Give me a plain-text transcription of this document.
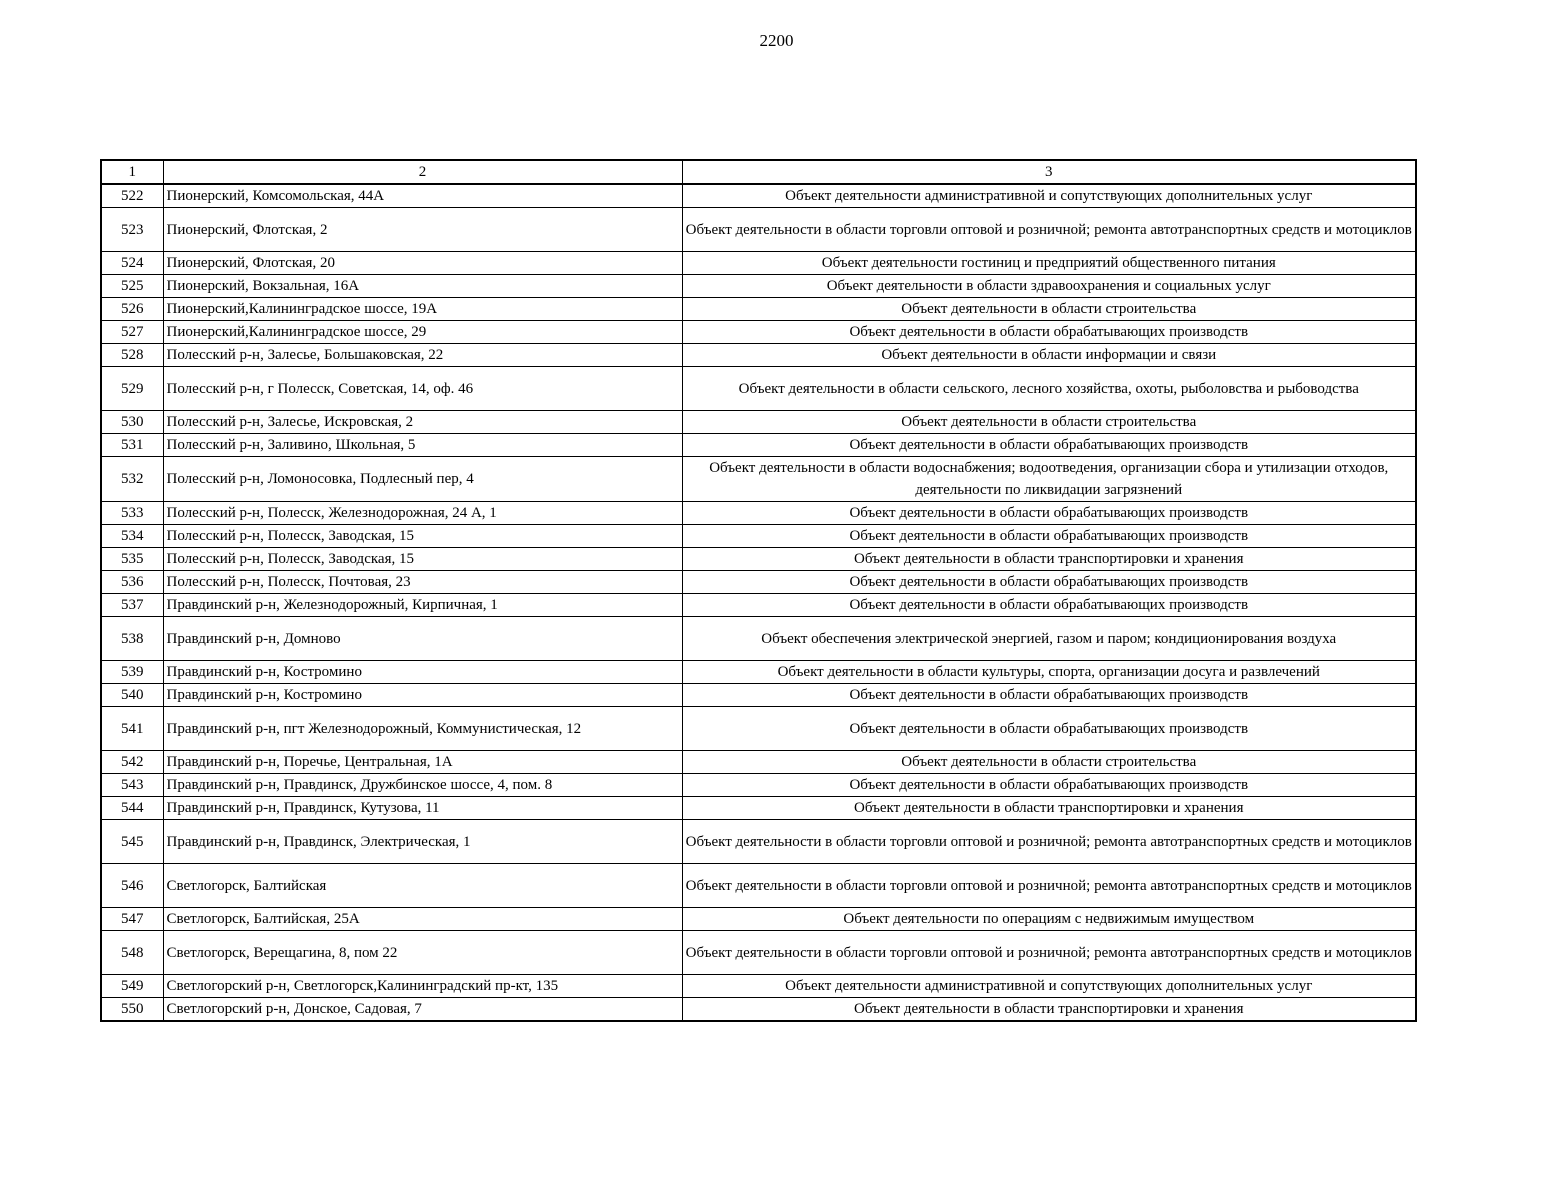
2200
1	2	3
522	Пионерский, Комсомольская, 44А	Объект деятельности административной и сопутствующих дополнительных услуг
523	Пионерский, Флотская, 2	Объект деятельности в области торговли оптовой и розничной; ремонта автотранспортных средств и мотоциклов
524	Пионерский, Флотская, 20	Объект деятельности гостиниц и предприятий общественного питания
525	Пионерский, Вокзальная, 16А	Объект деятельности в области здравоохранения и социальных услуг
526	Пионерский,Калининградское шоссе, 19А	Объект деятельности в области строительства
527	Пионерский,Калининградское шоссе, 29	Объект деятельности в области обрабатывающих производств
528	Полесский р-н, Залесье, Большаковская, 22	Объект деятельности в области информации и связи
529	Полесский р-н, г Полесск, Советская, 14, оф. 46	Объект деятельности в области сельского, лесного хозяйства, охоты, рыболовства и рыбоводства
530	Полесский р-н, Залесье, Искровская, 2	Объект деятельности в области строительства
531	Полесский р-н, Заливино, Школьная, 5	Объект деятельности в области обрабатывающих производств
532	Полесский р-н, Ломоносовка, Подлесный пер, 4	Объект деятельности в области водоснабжения; водоотведения, организации сбора и утилизации отходов, деятельности по ликвидации загрязнений
533	Полесский р-н, Полесск, Железнодорожная, 24 А, 1	Объект деятельности в области обрабатывающих производств
534	Полесский р-н, Полесск, Заводская, 15	Объект деятельности в области обрабатывающих производств
535	Полесский р-н, Полесск, Заводская, 15	Объект деятельности в области транспортировки и хранения
536	Полесский р-н, Полесск, Почтовая, 23	Объект деятельности в области обрабатывающих производств
537	Правдинский р-н, Железнодорожный, Кирпичная, 1	Объект деятельности в области обрабатывающих производств
538	Правдинский р-н, Домново	Объект обеспечения электрической энергией, газом и паром; кондиционирования воздуха
539	Правдинский р-н, Костромино	Объект деятельности в области культуры, спорта, организации досуга и развлечений
540	Правдинский р-н, Костромино	Объект деятельности в области обрабатывающих производств
541	Правдинский р-н, пгт Железнодорожный, Коммунистическая, 12	Объект деятельности в области обрабатывающих производств
542	Правдинский р-н, Поречье, Центральная, 1А	Объект деятельности в области строительства
543	Правдинский р-н, Правдинск, Дружбинское шоссе, 4, пом. 8	Объект деятельности в области обрабатывающих производств
544	Правдинский р-н, Правдинск, Кутузова, 11	Объект деятельности в области транспортировки и хранения
545	Правдинский р-н, Правдинск, Электрическая, 1	Объект деятельности в области торговли оптовой и розничной; ремонта автотранспортных средств и мотоциклов
546	Светлогорск, Балтийская	Объект деятельности в области торговли оптовой и розничной; ремонта автотранспортных средств и мотоциклов
547	Светлогорск, Балтийская, 25А	Объект деятельности по операциям с недвижимым имуществом
548	Светлогорск, Верещагина, 8, пом 22	Объект деятельности в области торговли оптовой и розничной; ремонта автотранспортных средств и мотоциклов
549	Светлогорский р-н, Светлогорск,Калининградский пр-кт, 135	Объект деятельности административной и сопутствующих дополнительных услуг
550	Светлогорский р-н, Донское, Садовая, 7	Объект деятельности в области транспортировки и хранения
